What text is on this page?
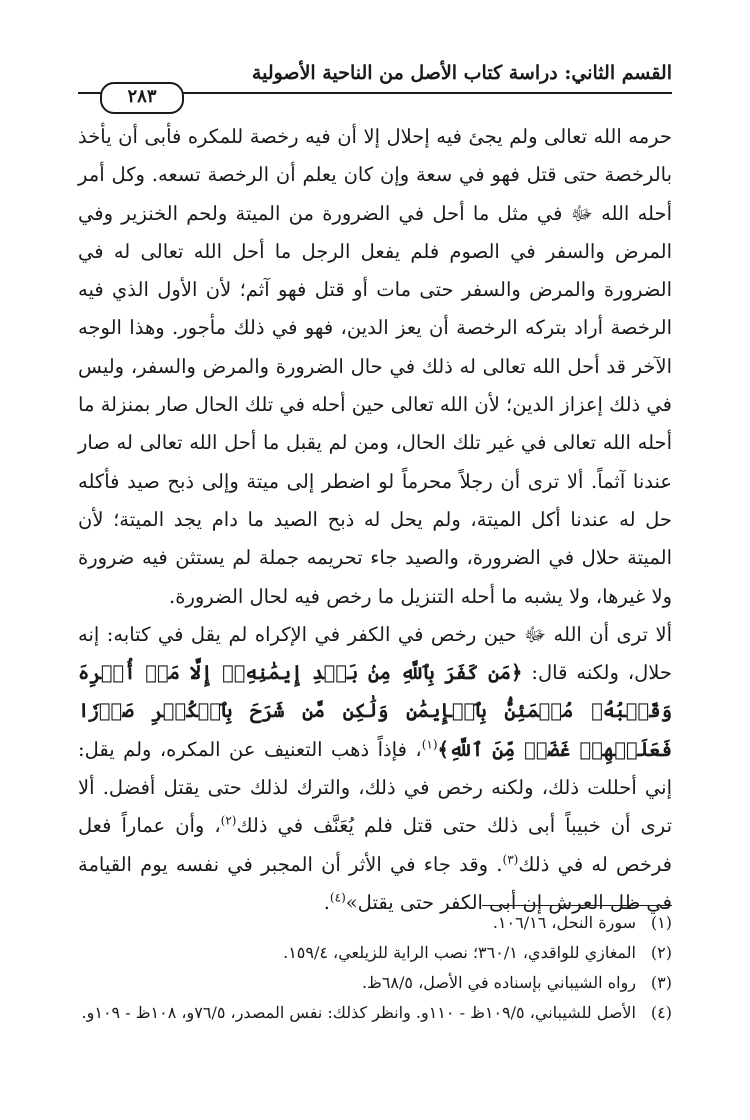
القسم الثاني: دراسة كتاب الأصل من الناحية الأصولية
٢٨٣

حرمه الله تعالى ولم يجئ فيه إحلال إلا أن فيه رخصة للمكره فأبى أن يأخذ بالرخصة حتى قتل فهو في سعة وإن كان يعلم أن الرخصة تسعه. وكل أمر أحله الله ﷻ في مثل ما أحل في الضرورة من الميتة ولحم الخنزير وفي المرض والسفر في الصوم فلم يفعل الرجل ما أحل الله تعالى له في الضرورة والمرض والسفر حتى مات أو قتل فهو آثم؛ لأن الأول الذي فيه الرخصة أراد بتركه الرخصة أن يعز الدين، فهو في ذلك مأجور. وهذا الوجه الآخر قد أحل الله تعالى له ذلك في حال الضرورة والمرض والسفر، وليس في ذلك إعزاز الدين؛ لأن الله تعالى حين أحله في تلك الحال صار بمنزلة ما أحله الله تعالى في غير تلك الحال، ومن لم يقبل ما أحل الله تعالى له صار عندنا آثماً. ألا ترى أن رجلاً محرماً لو اضطر إلى ميتة وإلى ذبح صيد فأكله حل له عندنا أكل الميتة، ولم يحل له ذبح الصيد ما دام يجد الميتة؛ لأن الميتة حلال في الضرورة، والصيد جاء تحريمه جملة لم يستثن فيه ضرورة ولا غيرها، ولا يشبه ما أحله التنزيل ما رخص فيه لحال الضرورة.

ألا ترى أن الله ﷻ حين رخص في الكفر في الإكراه لم يقل في كتابه: إنه حلال، ولكنه قال: ﴿مَن كَفَرَ بِٱللَّهِ مِنۢ بَعۡدِ إِيمَٰنِهِۦٓ إِلَّا مَنۡ أُكۡرِهَ وَقَلۡبُهُۥ مُطۡمَئِنُّۢ بِٱلۡإِيمَٰنِ وَلَٰكِن مَّن شَرَحَ بِٱلۡكُفۡرِ صَدۡرٗا فَعَلَيۡهِمۡ غَضَبٞ مِّنَ ٱللَّهِ﴾$^{(١)}$، فإذاً ذهب التعنيف عن المكره، ولم يقل: إني أحللت ذلك، ولكنه رخص في ذلك، والترك لذلك حتى يقتل أفضل. ألا ترى أن خبيباً أبى ذلك حتى قتل فلم يُعَنَّف في ذلك$^{(٢)}$، وأن عماراً فعل فرخص له في ذلك$^{(٣)}$. وقد جاء في الأثر أن المجبر في نفسه يوم القيامة في ظل العرش إن أبى الكفر حتى يقتل»$^{(٤)}$.

(١)
سورة النحل، ١٠٦/١٦.
(٢)
المغازي للواقدي، ٣٦٠/١؛ نصب الراية للزيلعي، ١٥٩/٤.
(٣)
رواه الشيباني بإسناده في الأصل، ٦٨/٥ظ.
(٤)
الأصل للشيباني، ١٠٩/٥ظ - ١١٠و. وانظر كذلك: نفس المصدر، ٧٦/٥و، ١٠٨ظ - ١٠٩و.
